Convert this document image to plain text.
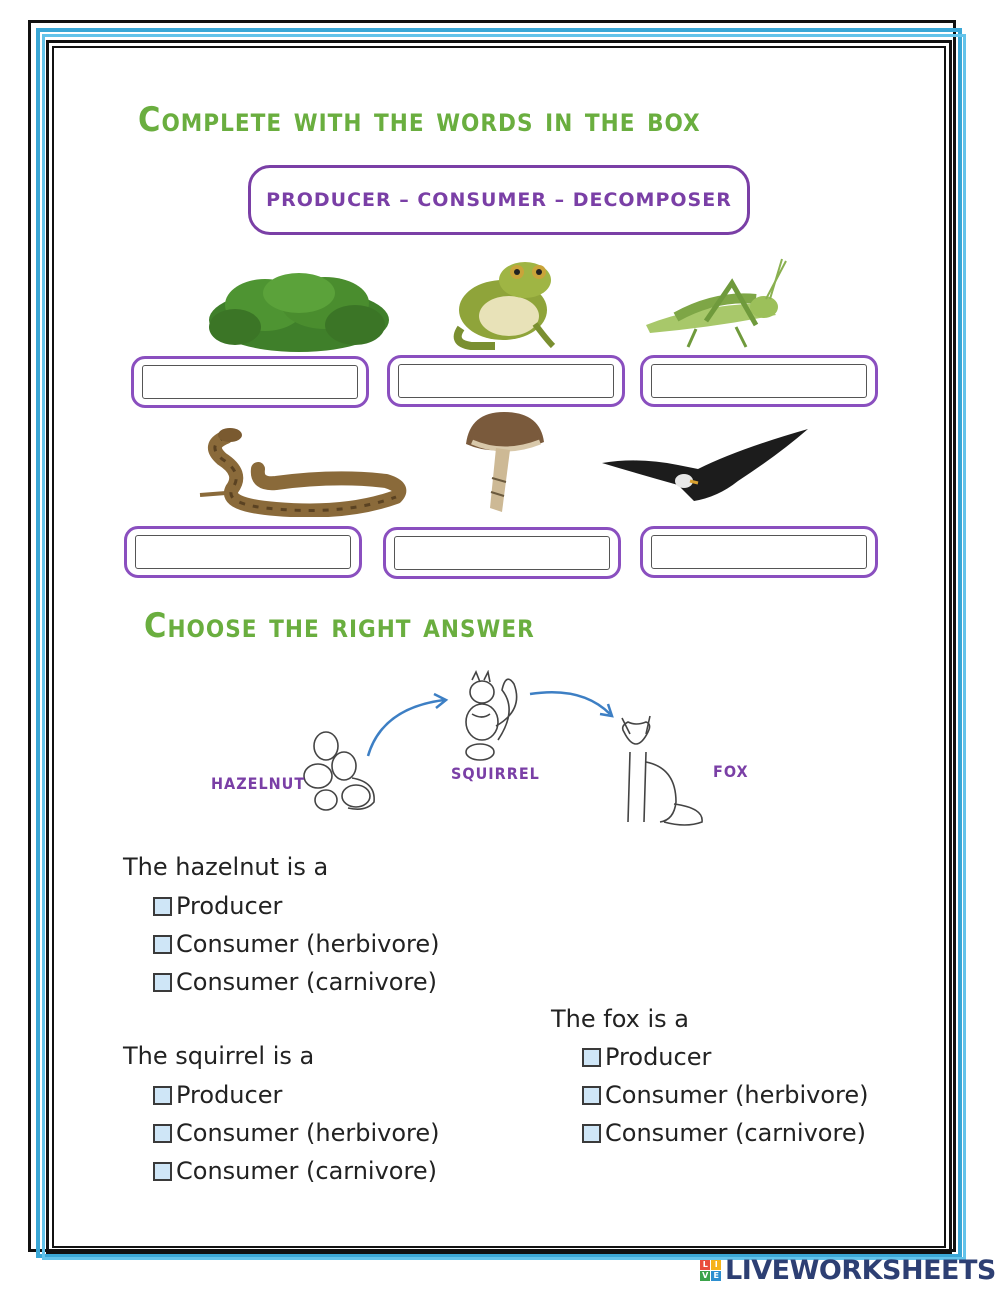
Complete with the words in the box
PRODUCER – CONSUMER – DECOMPOSER
Choose the right answer
HAZELNUT
SQUIRREL	FOX
The hazelnut is a
Producer
Consumer (herbivore)
Consumer (carnivore)
The squirrel is a
Producer
Consumer (herbivore)
Consumer (carnivore)
The fox is a
Producer
Consumer (herbivore)
Consumer (carnivore)
L I
V E LIVEWORKSHEETS
